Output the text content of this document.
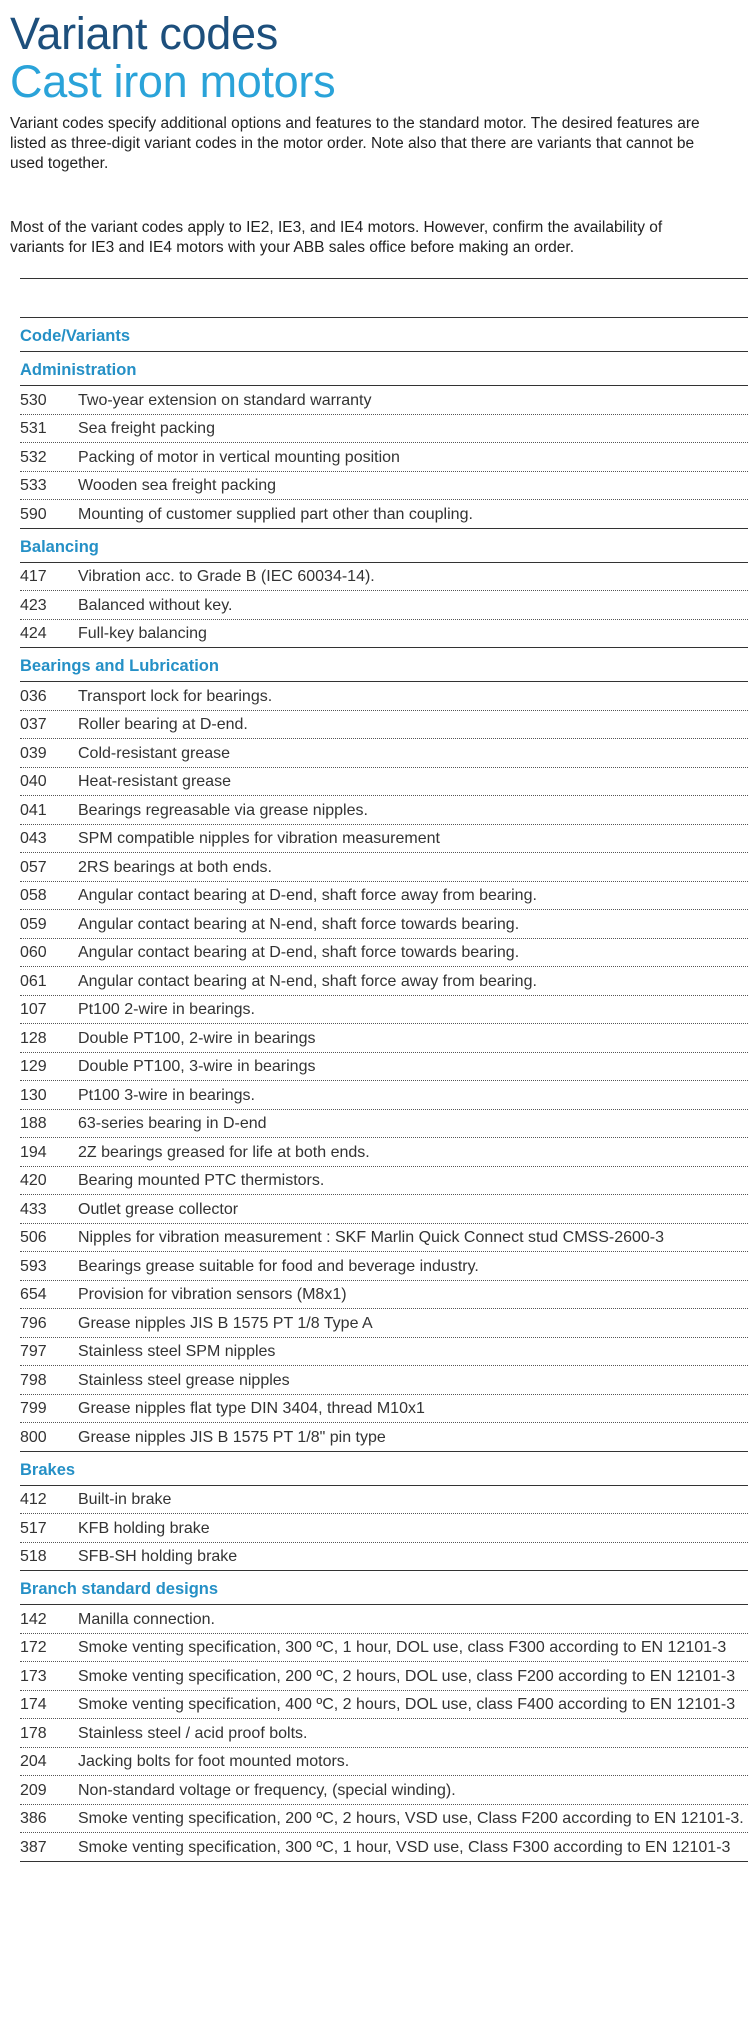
Variant codes
Cast iron motors

Variant codes specify additional options and features to the standard motor. The desired features are listed as three-digit variant codes in the motor order. Note also that there are variants that cannot be used together.

Most of the variant codes apply to IE2, IE3, and IE4 motors. However, confirm the availability of variants for IE3 and IE4 motors with your ABB sales office before making an order.

Code/Variants
Administration
530	Two-year extension on standard warranty
531	Sea freight packing
532	Packing of motor in vertical mounting position
533	Wooden sea freight packing
590	Mounting of customer supplied part other than coupling.
Balancing
417	Vibration acc. to Grade B (IEC 60034-14).
423	Balanced without key.
424	Full-key balancing
Bearings and Lubrication
036	Transport lock for bearings.
037	Roller bearing at D-end.
039	Cold-resistant grease
040	Heat-resistant grease
041	Bearings regreasable via grease nipples.
043	SPM compatible nipples for vibration measurement
057	2RS bearings at both ends.
058	Angular contact bearing at D-end, shaft force away from bearing.
059	Angular contact bearing at N-end, shaft force towards bearing.
060	Angular contact bearing at D-end, shaft force towards bearing.
061	Angular contact bearing at N-end, shaft force away from bearing.
107	Pt100 2-wire in bearings.
128	Double PT100, 2-wire in bearings
129	Double PT100, 3-wire in bearings
130	Pt100 3-wire in bearings.
188	63-series bearing in D-end
194	2Z bearings greased for life at both ends.
420	Bearing mounted PTC thermistors.
433	Outlet grease collector
506	Nipples for vibration measurement : SKF Marlin Quick Connect stud CMSS-2600-3
593	Bearings grease suitable for food and beverage industry.
654	Provision for vibration sensors (M8x1)
796	Grease nipples JIS B 1575 PT 1/8 Type A
797	Stainless steel SPM nipples
798	Stainless steel grease nipples
799	Grease nipples flat type DIN 3404, thread M10x1
800	Grease nipples JIS B 1575 PT 1/8" pin type
Brakes
412	Built-in brake
517	KFB holding brake
518	SFB-SH holding brake
Branch standard designs
142	Manilla connection.
172	Smoke venting specification, 300 ºC, 1 hour, DOL use, class F300 according to EN 12101-3
173	Smoke venting specification, 200 ºC, 2 hours, DOL use, class F200 according to EN 12101-3
174	Smoke venting specification, 400 ºC, 2 hours, DOL use, class F400 according to EN 12101-3
178	Stainless steel / acid proof bolts.
204	Jacking bolts for foot mounted motors.
209	Non-standard voltage or frequency, (special winding).
386	Smoke venting specification, 200 ºC, 2 hours, VSD use, Class F200 according to EN 12101-3.
387	Smoke venting specification, 300 ºC, 1 hour, VSD use, Class F300 according to EN 12101-3
